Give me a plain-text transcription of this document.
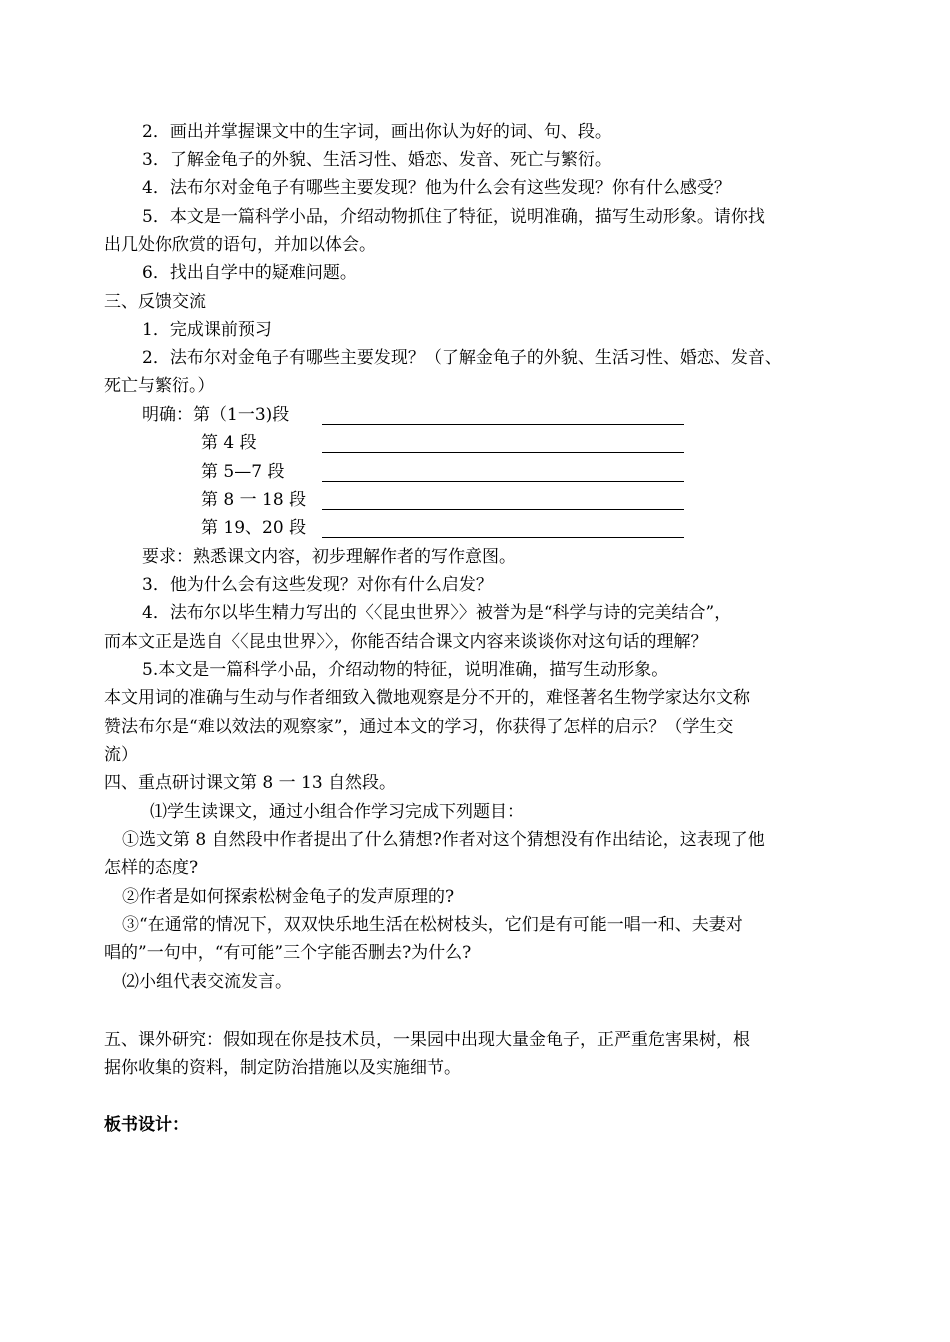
2．画出并掌握课文中的生字词，画出你认为好的词、句、段。
3．了解金龟子的外貌、生活习性、婚恋、发音、死亡与繁衍。
4．法布尔对金龟子有哪些主要发现？他为什么会有这些发现？你有什么感受？
5．本文是一篇科学小品，介绍动物抓住了特征，说明准确，描写生动形象。请你找
出几处你欣赏的语句，并加以体会。
6．找出自学中的疑难问题。
三、反馈交流
1．完成课前预习
2．法布尔对金龟子有哪些主要发现？（了解金龟子的外貌、生活习性、婚恋、发音、
死亡与繁衍。）
明确：第（1一3)段
第 4 段
第 5—7 段
第 8 一 18 段
第 19、20 段
要求：熟悉课文内容，初步理解作者的写作意图。
3．他为什么会有这些发现？对你有什么启发？
4．法布尔以毕生精力写出的〈〈昆虫世界〉〉被誉为是“科学与诗的完美结合”，
而本文正是选自〈〈昆虫世界〉〉，你能否结合课文内容来谈谈你对这句话的理解？
5.本文是一篇科学小品，介绍动物的特征，说明准确，描写生动形象。
本文用词的准确与生动与作者细致入微地观察是分不开的，难怪著名生物学家达尔文称
赞法布尔是“难以效法的观察家”，通过本文的学习，你获得了怎样的启示？（学生交
流）
四、重点研讨课文第 8 一 13 自然段。
⑴学生读课文，通过小组合作学习完成下列题目：
①选文第 8 自然段中作者提出了什么猜想?作者对这个猜想没有作出结论，这表现了他
怎样的态度?
②作者是如何探索松树金龟子的发声原理的?
③“在通常的情况下，双双快乐地生活在松树枝头，它们是有可能一唱一和、夫妻对
唱的”一句中，“有可能”三个字能否删去?为什么?
⑵小组代表交流发言。
五、课外研究：假如现在你是技术员，一果园中出现大量金龟子，正严重危害果树，根
据你收集的资料，制定防治措施以及实施细节。
板书设计：
